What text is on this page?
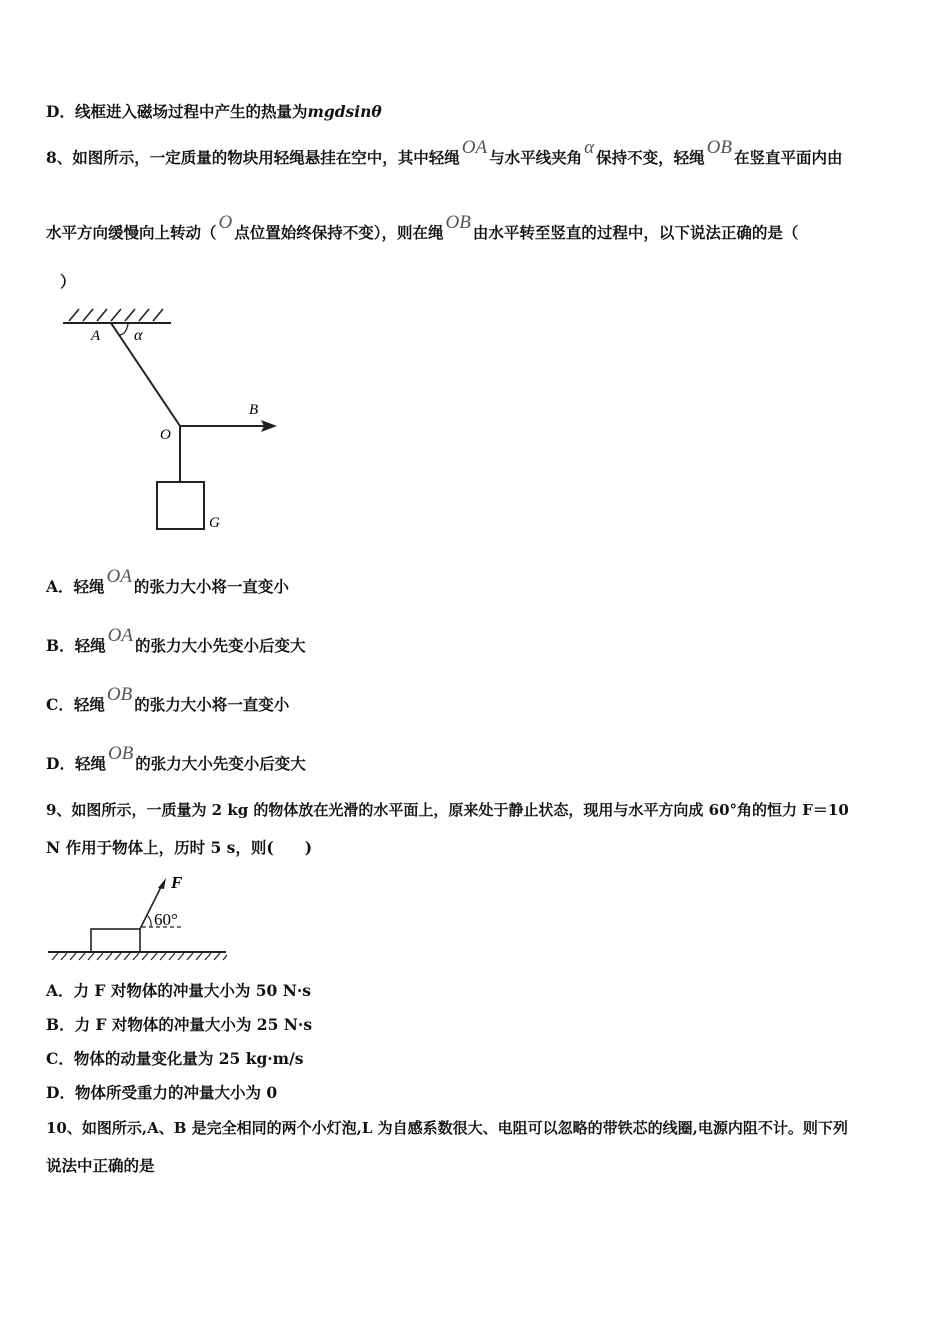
D．线框进入磁场过程中产生的热量为mgdsinθ
8、如图所示，一定质量的物块用轻绳悬挂在空中，其中轻绳 OA 与水平线夹角 α 保持不变，轻绳 OB 在竖直平面内由
水平方向缓慢向上转动（ O 点位置始终保持不变），则在绳 OB 由水平转至竖直的过程中，以下说法正确的是（
）
A α
O
B
G
A．轻绳 OA 的张力大小将一直变小
B．轻绳 OA 的张力大小先变小后变大
C．轻绳 OB 的张力大小将一直变小
D．轻绳 OB 的张力大小先变小后变大
9、如图所示，一质量为 2 kg 的物体放在光滑的水平面上，原来处于静止状态，现用与水平方向成 60°角的恒力 F＝10
N 作用于物体上，历时 5 s，则(　　)
F
60°
A．力 F 对物体的冲量大小为 50 N·s
B．力 F 对物体的冲量大小为 25 N·s
C．物体的动量变化量为 25 kg·m/s
D．物体所受重力的冲量大小为 0
10、如图所示,A、B 是完全相同的两个小灯泡,L 为自感系数很大、电阻可以忽略的带铁芯的线圈,电源内阻不计。则下列
说法中正确的是
